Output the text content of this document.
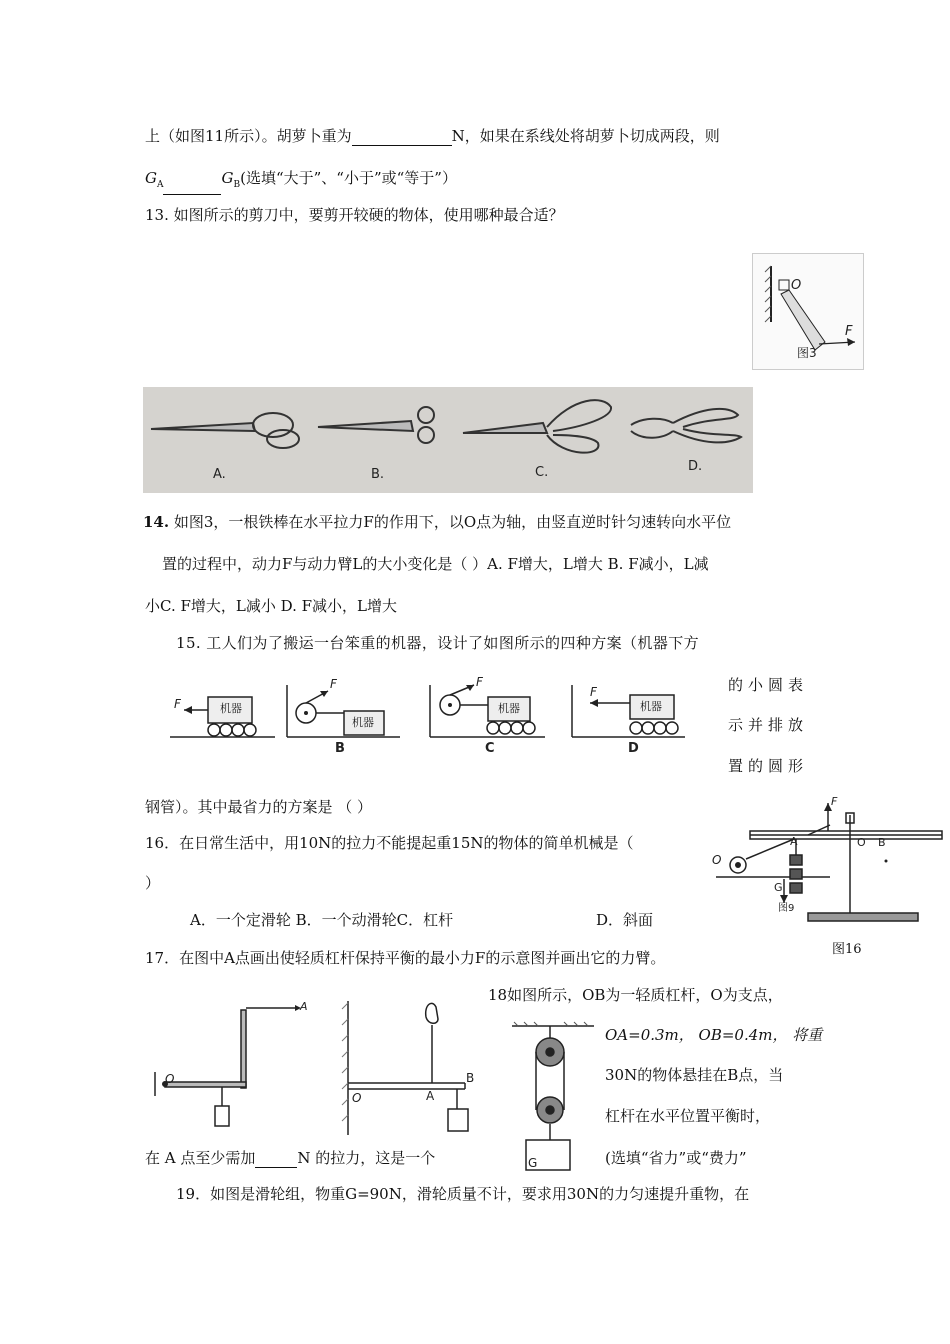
上（如图11所示）。胡萝卜重为	N，如果在系线处将胡萝卜切成两段，则
$G_A$	$G_B$(选填“大于”、“小于”或“等于”）
13. 如图所示的剪刀中，要剪开较硬的物体，使用哪种最合适？
O
F
图3
A.	B.	C.	D.
14. 如图3，一根铁棒在水平拉力F的作用下，以O点为轴，由竖直逆时针匀速转向水平位
置的过程中，动力F与动力臂L的大小变化是（ ）A. F增大，L增大 B. F减小，L减
小C. F增大，L减小 D. F减小，L增大
15. 工人们为了搬运一台笨重的机器，设计了如图所示的四种方案（机器下方
的小圆表
示并排放
置的圆形
钢管）。其中最省力的方案是 （ ）
机器
机器
机器	机器
F
F	F
F
B	C	D
16．在日常生活中，用10N的拉力不能提起重15N的物体的简单机械是（
）
A．一个定滑轮 B．一个动滑轮C．杠杆	D．斜面
F
O
A	O B
G
图9
图16
17．在图中A点画出使轻质杠杆保持平衡的最小力F的示意图并画出它的力臂。
A
O
O	A
B
G
18如图所示，OB为一轻质杠杆，O为支点，
OA=0.3m， OB=0.4m， 将重
30N的物体悬挂在B点，当
杠杆在水平位置平衡时，
在 A 点至少需加	N 的拉力，这是一个	(选填“省力”或“费力”
19．如图是滑轮组，物重G=90N，滑轮质量不计，要求用30N的力匀速提升重物，在
